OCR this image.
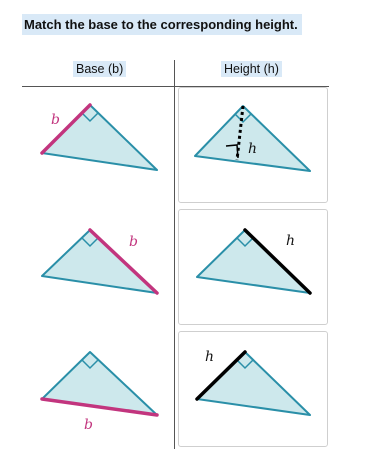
Match the base to the corresponding height.
Base (b)	Height (h)
b
b
b
h
h
h
